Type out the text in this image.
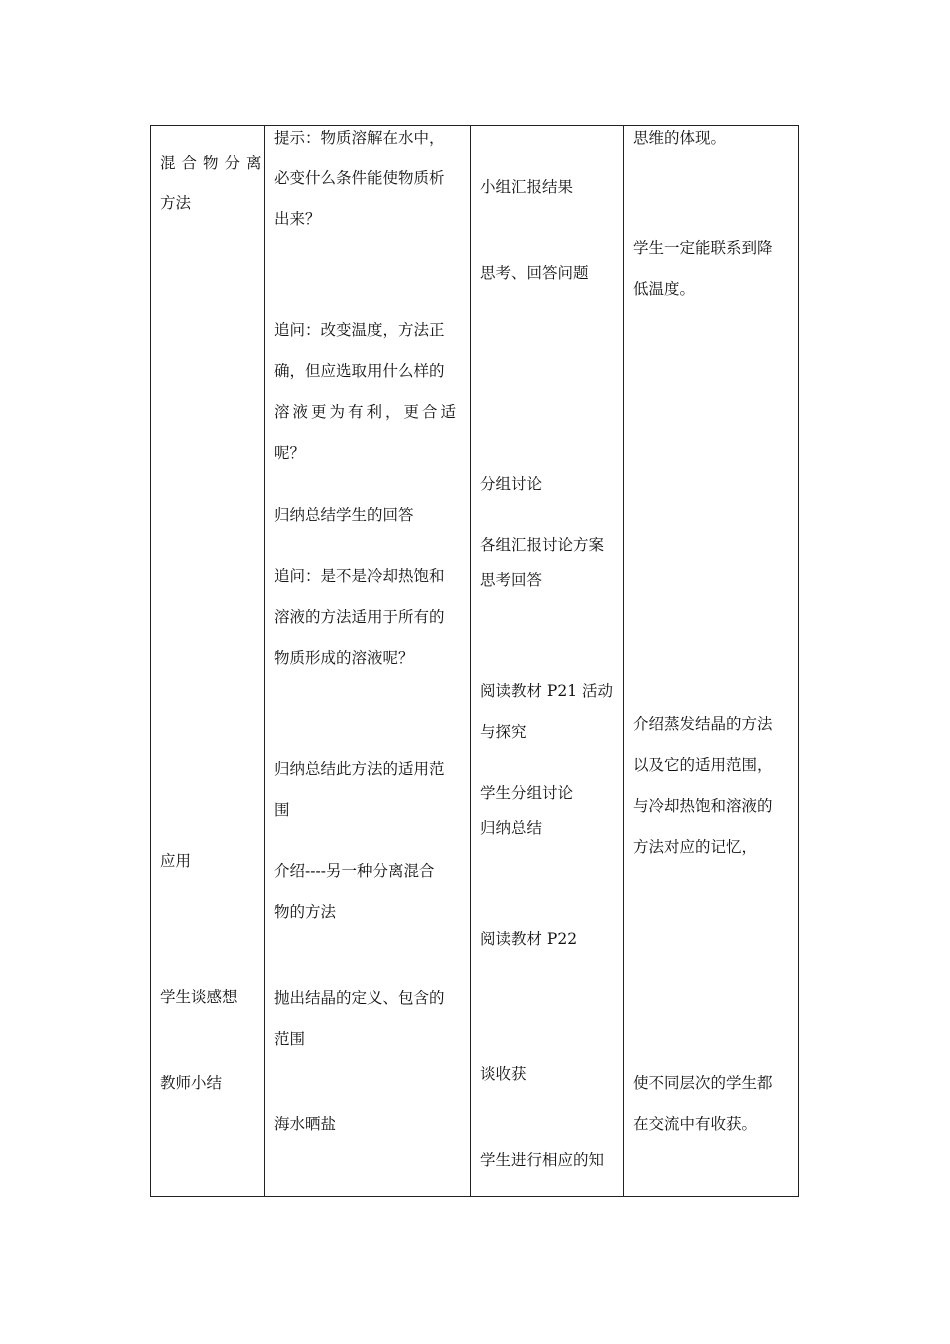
混合物分离
方法
应用
学生谈感想
教师小结
提示：物质溶解在水中，
必变什么条件能使物质析
出来？
追问：改变温度，方法正
确，但应选取用什么样的
溶液更为有利，更合适
呢？
归纳总结学生的回答
追问：是不是冷却热饱和
溶液的方法适用于所有的
物质形成的溶液呢？
归纳总结此方法的适用范
围
介绍----另一种分离混合
物的方法
抛出结晶的定义、包含的
范围
海水晒盐
小组汇报结果
思考、回答问题
分组讨论
各组汇报讨论方案
思考回答
阅读教材 P21 活动
与探究
学生分组讨论
归纳总结
阅读教材 P22
谈收获
学生进行相应的知
思维的体现。
学生一定能联系到降
低温度。
介绍蒸发结晶的方法
以及它的适用范围，
与冷却热饱和溶液的
方法对应的记忆，
使不同层次的学生都
在交流中有收获。
